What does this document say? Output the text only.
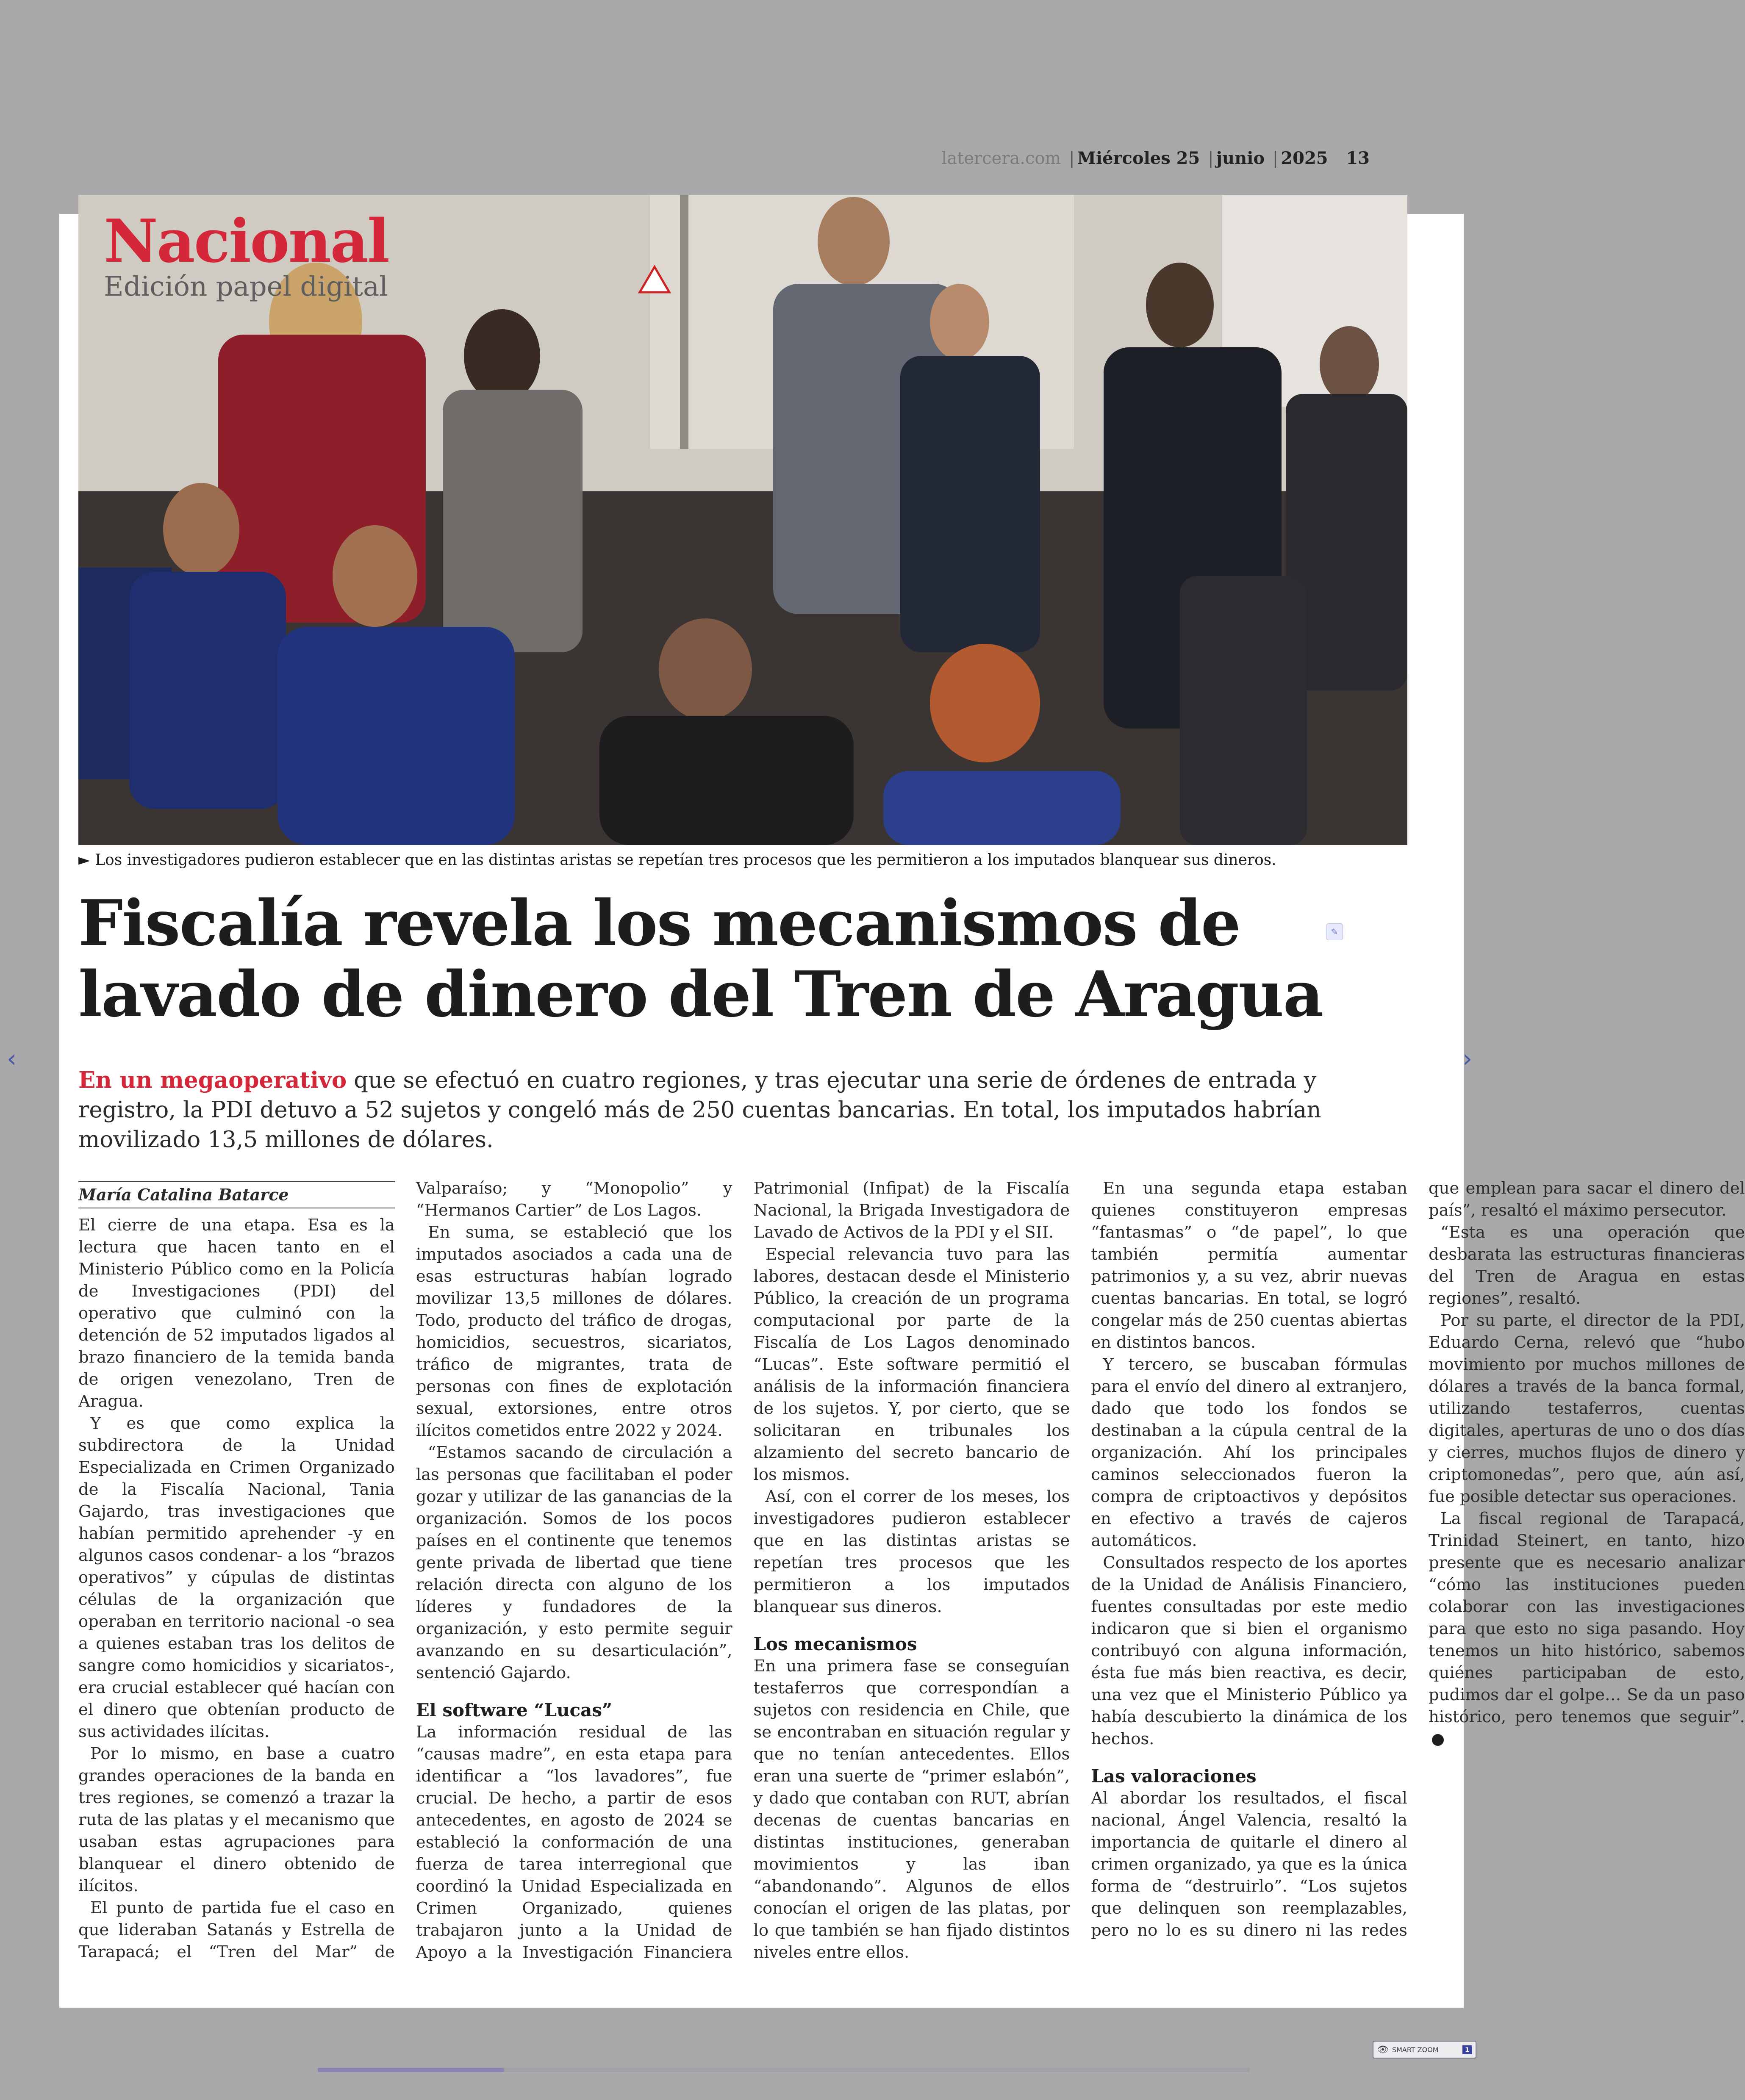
latercera.com | Miércoles 25 | junio | 2025 13
Nacional
Edición papel digital
► Los investigadores pudieron establecer que en las distintas aristas se repetían tres procesos que les permitieron a los imputados blanquear sus dineros.
Fiscalía revela los mecanismos de
lavado de dinero del Tren de Aragua
✎
En un megaoperativo que se efectuó en cuatro regiones, y tras ejecutar una serie de órdenes de entrada y registro, la PDI detuvo a 52 sujetos y congeló más de 250 cuentas bancarias. En total, los imputados habrían movilizado 13,5 millones de dólares.
María Catalina Batarce

El cierre de una etapa. Esa es la lectura que hacen tanto en el Ministerio Público como en la Policía de Investigaciones (PDI) del operativo que culminó con la detención de 52 imputados ligados al brazo financiero de la temida banda de origen venezolano, Tren de Aragua.

Y es que como explica la subdirectora de la Unidad Especializada en Crimen Organizado de la Fiscalía Nacional, Tania Gajardo, tras investigaciones que habían permitido aprehender -y en algunos casos condenar- a los “brazos operativos” y cúpulas de distintas células de la organización que operaban en territorio nacional -o sea a quienes estaban tras los delitos de sangre como homicidios y sicariatos-, era crucial establecer qué hacían con el dinero que obtenían producto de sus actividades ilícitas.

Por lo mismo, en base a cuatro grandes operaciones de la banda en tres regiones, se comenzó a trazar la ruta de las platas y el mecanismo que usaban estas agrupaciones para blanquear el dinero obtenido de ilícitos.

El punto de partida fue el caso en que lideraban Satanás y Estrella de Tarapacá; el “Tren del Mar” de Valparaíso; y “Monopolio” y “Hermanos Cartier” de Los Lagos.

En suma, se estableció que los imputados asociados a cada una de esas estructuras habían logrado movilizar 13,5 millones de dólares. Todo, producto del tráfico de drogas, homicidios, secuestros, sicariatos, tráfico de migrantes, trata de personas con fines de explotación sexual, extorsiones, entre otros ilícitos cometidos entre 2022 y 2024.

“Estamos sacando de circulación a las personas que facilitaban el poder gozar y utilizar de las ganancias de la organización. Somos de los pocos países en el continente que tenemos gente privada de libertad que tiene relación directa con alguno de los líderes y fundadores de la organización, y esto permite seguir avanzando en su desarticulación”, sentenció Gajardo.

El software “Lucas”

La información residual de las “causas madre”, en esta etapa para identificar a “los lavadores”, fue crucial. De hecho, a partir de esos antecedentes, en agosto de 2024 se estableció la conformación de una fuerza de tarea interregional que coordinó la Unidad Especializada en Crimen Organizado, quienes trabajaron junto a la Unidad de Apoyo a la Investigación Financiera Patrimonial (Infipat) de la Fiscalía Nacional, la Brigada Investigadora de Lavado de Activos de la PDI y el SII.

Especial relevancia tuvo para las labores, destacan desde el Ministerio Público, la creación de un programa computacional por parte de la Fiscalía de Los Lagos denominado “Lucas”. Este software permitió el análisis de la información financiera de los sujetos. Y, por cierto, que se solicitaran en tribunales los alzamiento del secreto bancario de los mismos.

Así, con el correr de los meses, los investigadores pudieron establecer que en las distintas aristas se repetían tres procesos que les permitieron a los imputados blanquear sus dineros.

Los mecanismos

En una primera fase se conseguían testaferros que correspondían a sujetos con residencia en Chile, que se encontraban en situación regular y que no tenían antecedentes. Ellos eran una suerte de “primer eslabón”, y dado que contaban con RUT, abrían decenas de cuentas bancarias en distintas instituciones, generaban movimientos y las iban “abandonando”. Algunos de ellos conocían el origen de las platas, por lo que también se han fijado distintos niveles entre ellos.

En una segunda etapa estaban quienes constituyeron empresas “fantasmas” o “de papel”, lo que también permitía aumentar patrimonios y, a su vez, abrir nuevas cuentas bancarias. En total, se logró congelar más de 250 cuentas abiertas en distintos bancos.

Y tercero, se buscaban fórmulas para el envío del dinero al extranjero, dado que todo los fondos se destinaban a la cúpula central de la organización. Ahí los principales caminos seleccionados fueron la compra de criptoactivos y depósitos en efectivo a través de cajeros automáticos.

Consultados respecto de los aportes de la Unidad de Análisis Financiero, fuentes consultadas por este medio indicaron que si bien el organismo contribuyó con alguna información, ésta fue más bien reactiva, es decir, una vez que el Ministerio Público ya había descubierto la dinámica de los hechos.

Las valoraciones

Al abordar los resultados, el fiscal nacional, Ángel Valencia, resaltó la importancia de quitarle el dinero al crimen organizado, ya que es la única forma de “destruirlo”. “Los sujetos que delinquen son reemplazables, pero no lo es su dinero ni las redes que emplean para sacar el dinero del país”, resaltó el máximo persecutor.

“Esta es una operación que desbarata las estructuras financieras del Tren de Aragua en estas regiones”, resaltó.

Por su parte, el director de la PDI, Eduardo Cerna, relevó que “hubo movimiento por muchos millones de dólares a través de la banca formal, utilizando testaferros, cuentas digitales, aperturas de uno o dos días y cierres, muchos flujos de dinero y criptomonedas”, pero que, aún así, fue posible detectar sus operaciones.

La fiscal regional de Tarapacá, Trinidad Steinert, en tanto, hizo presente que es necesario analizar “cómo las instituciones pueden colaborar con las investigaciones para que esto no siga pasando. Hoy tenemos un hito histórico, sabemos quiénes participaban de esto, pudimos dar el golpe… Se da un paso histórico, pero tenemos que seguir”.

‹	›
👁 SMART ZOOM	1
